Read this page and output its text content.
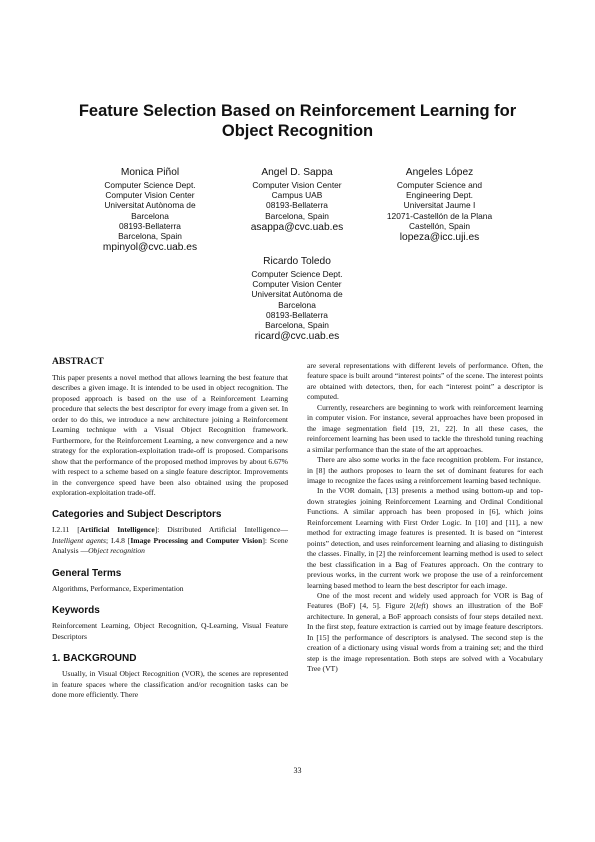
Feature Selection Based on Reinforcement Learning for
Object Recognition
Monica Piñol
Computer Science Dept.
Computer Vision Center
Universitat Autònoma de
Barcelona
08193-Bellaterra
Barcelona, Spain
mpinyol@cvc.uab.es
Angel D. Sappa
Computer Vision Center
Campus UAB
08193-Bellaterra
Barcelona, Spain
asappa@cvc.uab.es
Angeles López
Computer Science and
Engineering Dept.
Universitat Jaume I
12071-Castellón de la Plana
Castellón, Spain
lopeza@icc.uji.es
Ricardo Toledo
Computer Science Dept.
Computer Vision Center
Universitat Autònoma de
Barcelona
08193-Bellaterra
Barcelona, Spain
ricard@cvc.uab.es
ABSTRACT

This paper presents a novel method that allows learning the best feature that describes a given image. It is intended to be used in object recognition. The proposed approach is based on the use of a Reinforcement Learning procedure that selects the best descriptor for every image from a given set. In order to do this, we introduce a new architecture joining a Reinforcement Learning technique with a Visual Object Recognition framework. Furthermore, for the Reinforcement Learning, a new convergence and a new strategy for the exploration-exploitation trade-off is proposed. Comparisons show that the performance of the proposed method improves by about 6.67% with respect to a scheme based on a single feature descriptor. Improvements in the convergence speed have been also obtained using the proposed exploration-exploitation trade-off.

Categories and Subject Descriptors

I.2.11 [Artificial Intelligence]: Distributed Artificial Intelligence—Intelligent agents; I.4.8 [Image Processing and Computer Vision]: Scene Analysis —Object recognition

General Terms

Algorithms, Performance, Experimentation

Keywords

Reinforcement Learning, Object Recognition, Q-Learning, Visual Feature Descriptors

1. BACKGROUND

Usually, in Visual Object Recognition (VOR), the scenes are represented in feature spaces where the classification and/or recognition tasks can be done more efficiently. There

are several representations with different levels of performance. Often, the feature space is built around “interest points” of the scene. The interest points are obtained with detectors, then, for each “interest point” a descriptor is computed.

Currently, researchers are beginning to work with reinforcement learning in computer vision. For instance, several approaches have been proposed in the image segmentation field [19, 21, 22]. In all these cases, the reinforcement learning has been used to tackle the threshold tuning reaching a similar performance than the state of the art approaches.

There are also some works in the face recognition problem. For instance, in [8] the authors proposes to learn the set of dominant features for each image to recognize the faces using a reinforcement learning based technique.

In the VOR domain, [13] presents a method using bottom-up and top-down strategies joining Reinforcement Learning and Ordinal Conditional Functions. A similar approach has been proposed in [6], which joins Reinforcement Learning with First Order Logic. In [10] and [11], a new method for extracting image features is presented. It is based on “interest points” detection, and uses reinforcement learning and aliasing to distinguish the classes. Finally, in [2] the reinforcement learning method is used to select the best classification in a Bag of Features approach. On the contrary to previous works, in the current work we propose the use of a reinforcement learning based method to learn the best descriptor for each image.

One of the most recent and widely used approach for VOR is Bag of Features (BoF) [4, 5]. Figure 2(left) shows an illustration of the BoF architecture. In general, a BoF approach consists of four steps detailed next. In the first step, feature extraction is carried out by image feature descriptors. In [15] the performance of descriptors is analysed. The second step is the creation of a dictionary using visual words from a training set; and the third step is the image representation. Both steps are solved with a Vocabulary Tree (VT)

33
